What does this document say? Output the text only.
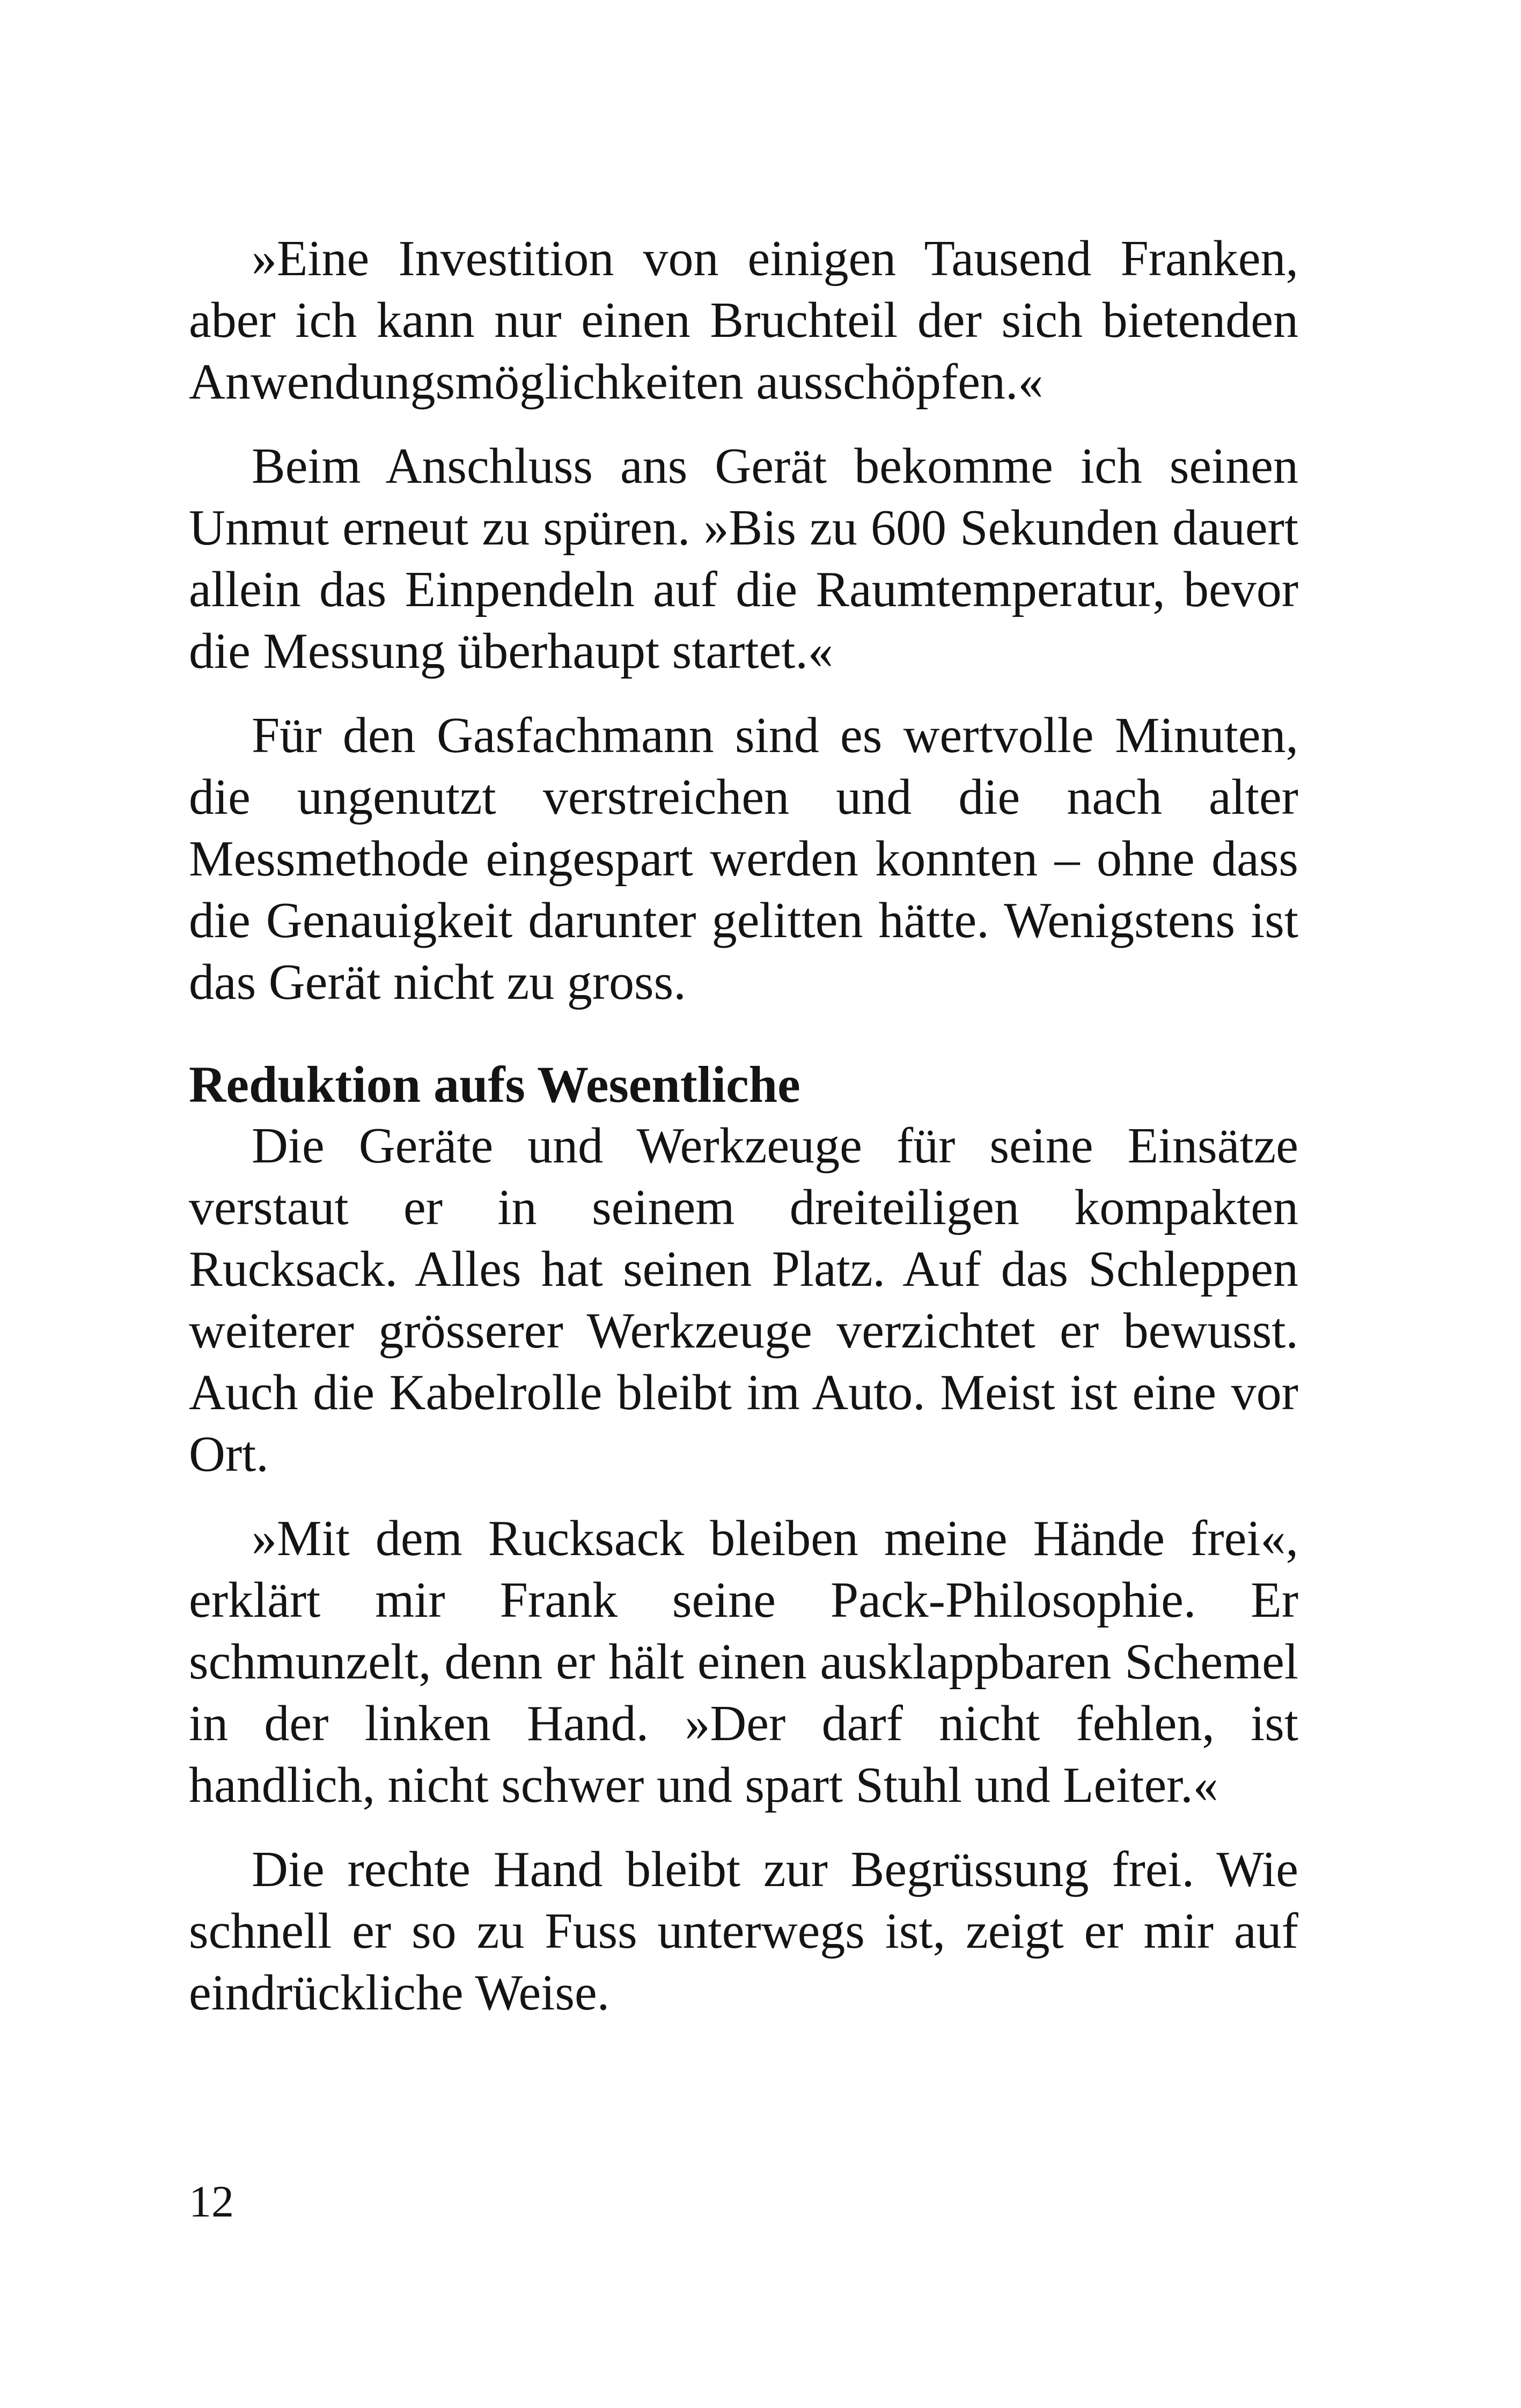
»Eine Investition von einigen Tausend Franken, aber ich kann nur einen Bruchteil der sich bietenden Anwendungsmöglichkeiten ausschöpfen.«

Beim Anschluss ans Gerät bekomme ich seinen Unmut erneut zu spüren. »Bis zu 600 Sekunden dauert allein das Einpendeln auf die Raumtemperatur, bevor die Messung überhaupt startet.«

Für den Gasfachmann sind es wertvolle Minuten, die ungenutzt verstreichen und die nach alter Messmethode eingespart werden konnten – ohne dass die Genauigkeit darunter gelitten hätte. Wenigstens ist das Gerät nicht zu gross.

Reduktion aufs Wesentliche

Die Geräte und Werkzeuge für seine Einsätze verstaut er in seinem dreiteiligen kompakten Rucksack. Alles hat seinen Platz. Auf das Schleppen weiterer grösserer Werkzeuge verzichtet er bewusst. Auch die Kabelrolle bleibt im Auto. Meist ist eine vor Ort.

»Mit dem Rucksack bleiben meine Hände frei«, erklärt mir Frank seine Pack-Philosophie. Er schmunzelt, denn er hält einen ausklappbaren Schemel in der linken Hand. »Der darf nicht fehlen, ist handlich, nicht schwer und spart Stuhl und Leiter.«

Die rechte Hand bleibt zur Begrüssung frei. Wie schnell er so zu Fuss unterwegs ist, zeigt er mir auf eindrückliche Weise.

12
